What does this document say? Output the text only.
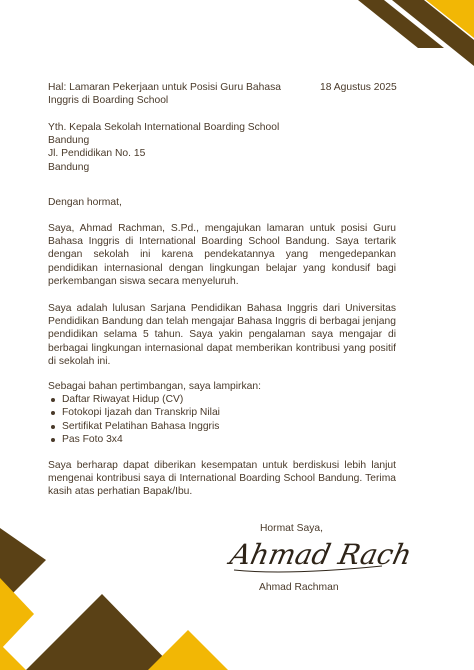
Hal: Lamaran Pekerjaan untuk Posisi Guru Bahasa Inggris di Boarding School
18 Agustus 2025
Yth. Kepala Sekolah International Boarding School
Bandung
Jl. Pendidikan No. 15
Bandung
Dengan hormat,
Saya, Ahmad Rachman, S.Pd., mengajukan lamaran untuk posisi Guru Bahasa Inggris di International Boarding School Bandung. Saya tertarik dengan sekolah ini karena pendekatannya yang mengedepankan pendidikan internasional dengan lingkungan belajar yang kondusif bagi perkembangan siswa secara menyeluruh.
Saya adalah lulusan Sarjana Pendidikan Bahasa Inggris dari Universitas Pendidikan Bandung dan telah mengajar Bahasa Inggris di berbagai jenjang pendidikan selama 5 tahun. Saya yakin pengalaman saya mengajar di berbagai lingkungan internasional dapat memberikan kontribusi yang positif di sekolah ini.
Sebagai bahan pertimbangan, saya lampirkan:
Daftar Riwayat Hidup (CV)
Fotokopi Ijazah dan Transkrip Nilai
Sertifikat Pelatihan Bahasa Inggris
Pas Foto 3x4
Saya berharap dapat diberikan kesempatan untuk berdiskusi lebih lanjut mengenai kontribusi saya di International Boarding School Bandung. Terima kasih atas perhatian Bapak/Ibu.
Hormat Saya,
Ahmad Rach
Ahmad Rachman
